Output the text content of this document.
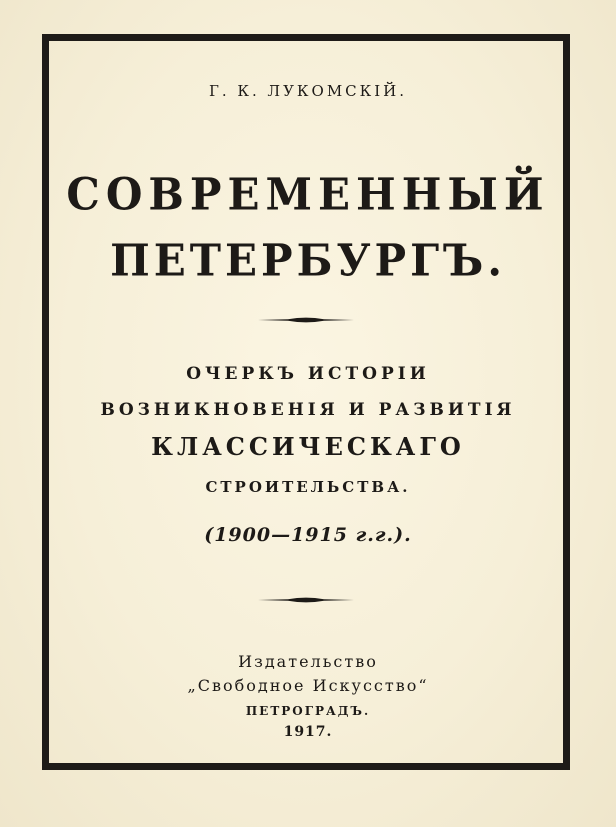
Г. К. ЛУКОМСКІЙ.
СОВРЕМЕННЫЙ
ПЕТЕРБУРГЪ.
ОЧЕРКЪ ИСТОРІИ
ВОЗНИКНОВЕНІЯ И РАЗВИТІЯ
КЛАССИЧЕСКАГО
СТРОИТЕЛЬСТВА.
(1900—1915 г.г.).
Издательство
„Свободное Искусство“
ПЕТРОГРАДЪ.
1917.
